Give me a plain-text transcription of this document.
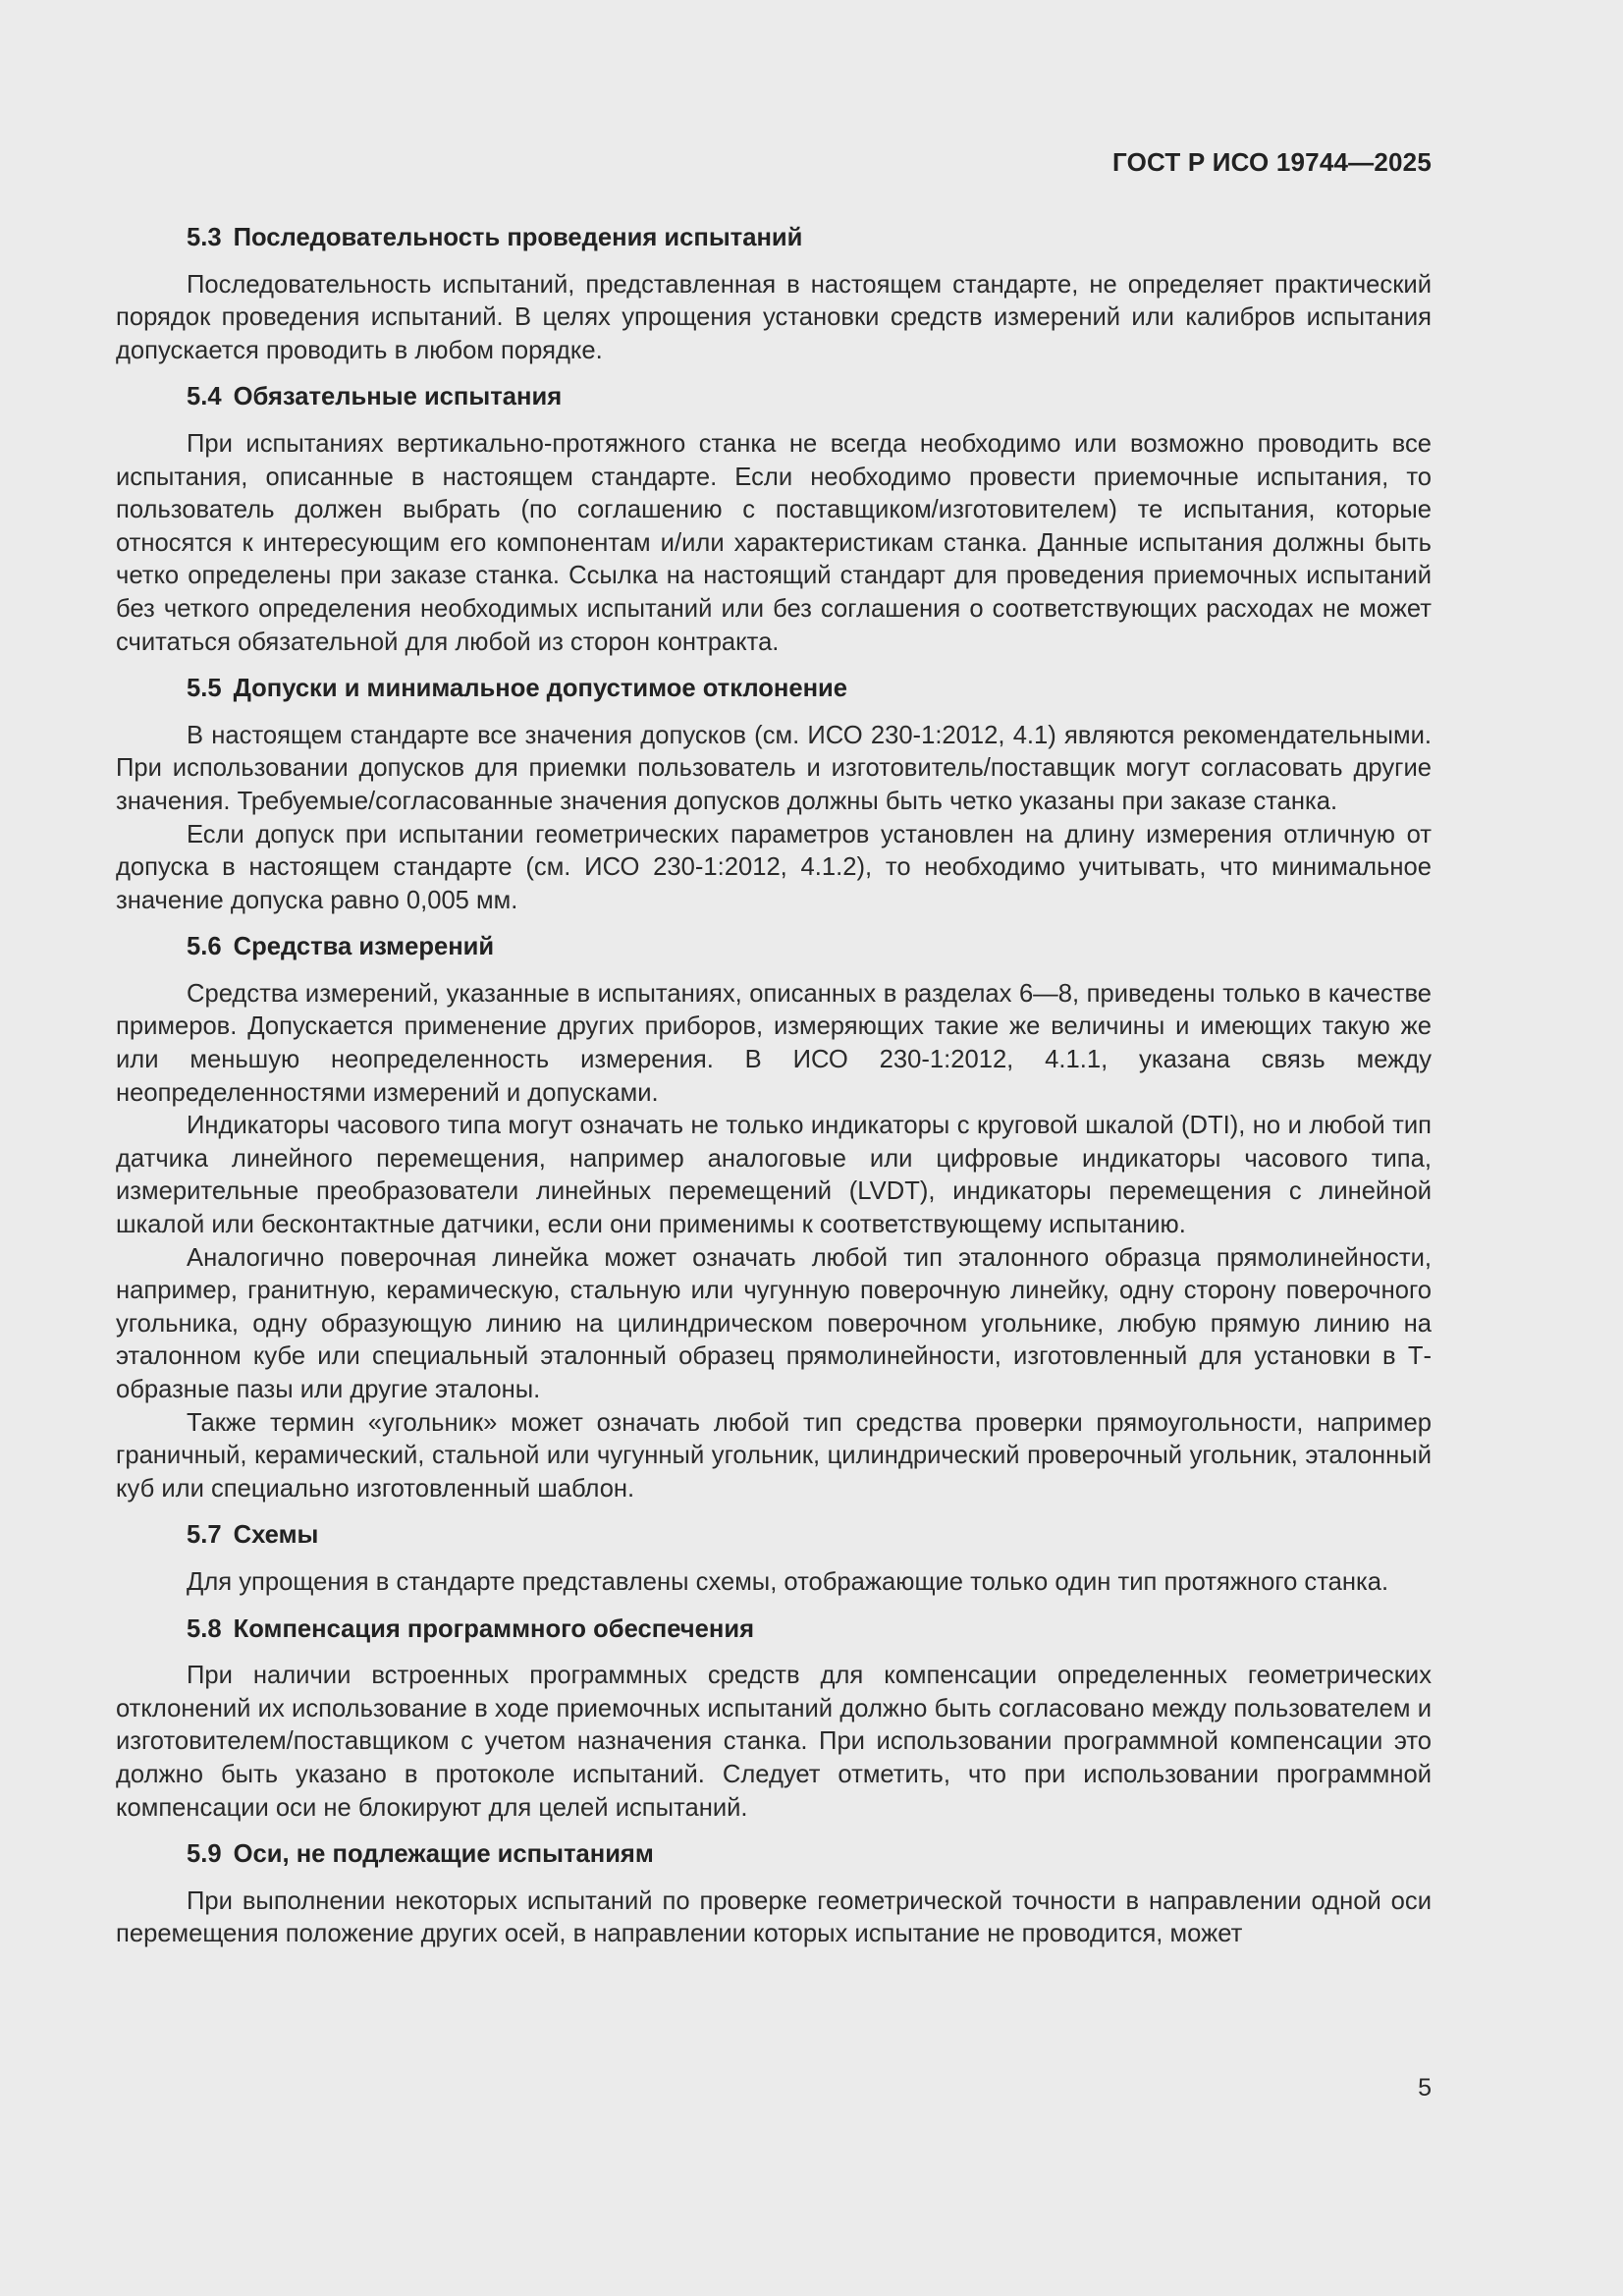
ГОСТ Р ИСО 19744—2025

5.3 Последовательность проведения испытаний

Последовательность испытаний, представленная в настоящем стандарте, не определяет практический порядок проведения испытаний. В целях упрощения установки средств измерений или калибров испытания допускается проводить в любом порядке.

5.4 Обязательные испытания

При испытаниях вертикально-протяжного станка не всегда необходимо или возможно проводить все испытания, описанные в настоящем стандарте. Если необходимо провести приемочные испытания, то пользователь должен выбрать (по соглашению с поставщиком/изготовителем) те испытания, которые относятся к интересующим его компонентам и/или характеристикам станка. Данные испытания должны быть четко определены при заказе станка. Ссылка на настоящий стандарт для проведения приемочных испытаний без четкого определения необходимых испытаний или без соглашения о соответствующих расходах не может считаться обязательной для любой из сторон контракта.

5.5 Допуски и минимальное допустимое отклонение

В настоящем стандарте все значения допусков (см. ИСО 230-1:2012, 4.1) являются рекомендательными. При использовании допусков для приемки пользователь и изготовитель/поставщик могут согласовать другие значения. Требуемые/согласованные значения допусков должны быть четко указаны при заказе станка.

Если допуск при испытании геометрических параметров установлен на длину измерения отличную от допуска в настоящем стандарте (см. ИСО 230-1:2012, 4.1.2), то необходимо учитывать, что минимальное значение допуска равно 0,005 мм.

5.6 Средства измерений

Средства измерений, указанные в испытаниях, описанных в разделах 6—8, приведены только в качестве примеров. Допускается применение других приборов, измеряющих такие же величины и имеющих такую же или меньшую неопределенность измерения. В ИСО 230-1:2012, 4.1.1, указана связь между неопределенностями измерений и допусками.

Индикаторы часового типа могут означать не только индикаторы с круговой шкалой (DTI), но и любой тип датчика линейного перемещения, например аналоговые или цифровые индикаторы часового типа, измерительные преобразователи линейных перемещений (LVDT), индикаторы перемещения с линейной шкалой или бесконтактные датчики, если они применимы к соответствующему испытанию.

Аналогично поверочная линейка может означать любой тип эталонного образца прямолинейности, например, гранитную, керамическую, стальную или чугунную поверочную линейку, одну сторону поверочного угольника, одну образующую линию на цилиндрическом поверочном угольнике, любую прямую линию на эталонном кубе или специальный эталонный образец прямолинейности, изготовленный для установки в Т-образные пазы или другие эталоны.

Также термин «угольник» может означать любой тип средства проверки прямоугольности, например граничный, керамический, стальной или чугунный угольник, цилиндрический проверочный угольник, эталонный куб или специально изготовленный шаблон.

5.7 Схемы

Для упрощения в стандарте представлены схемы, отображающие только один тип протяжного станка.

5.8 Компенсация программного обеспечения

При наличии встроенных программных средств для компенсации определенных геометрических отклонений их использование в ходе приемочных испытаний должно быть согласовано между пользователем и изготовителем/поставщиком с учетом назначения станка. При использовании программной компенсации это должно быть указано в протоколе испытаний. Следует отметить, что при использовании программной компенсации оси не блокируют для целей испытаний.

5.9 Оси, не подлежащие испытаниям

При выполнении некоторых испытаний по проверке геометрической точности в направлении одной оси перемещения положение других осей, в направлении которых испытание не проводится, может

5
